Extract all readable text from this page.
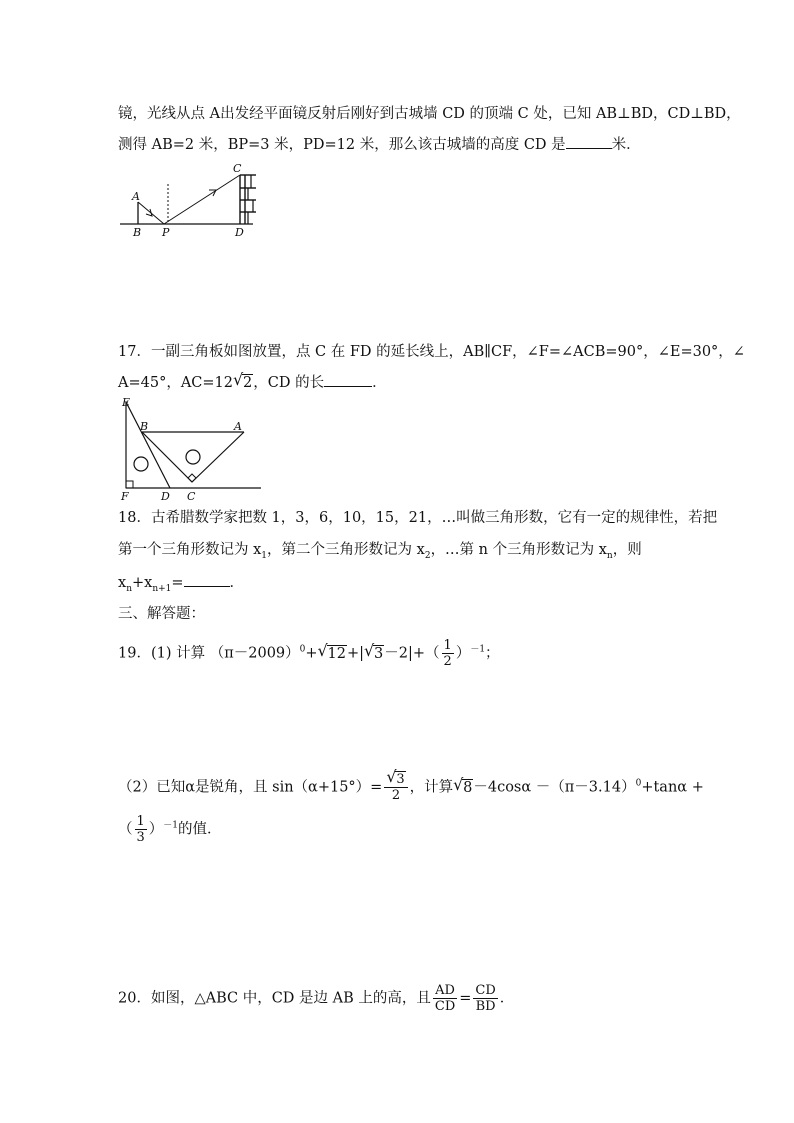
镜，光线从点 A出发经平面镜反射后刚好到古城墙 CD 的顶端 C 处，已知 AB⊥BD，CD⊥BD，
测得 AB=2 米，BP=3 米，PD=12 米，那么该古城墙的高度 CD 是	米．
A
B P
C
D
17．一副三角板如图放置，点 C 在 FD 的延长线上，AB∥CF，∠F=∠ACB=90°，∠E=30°，∠
A=45°，AC=12 √ 2，CD 的长	．
E
B	A
F	D C
18．古希腊数学家把数 1，3，6，10，15，21，…叫做三角形数，它有一定的规律性，若把
第一个三角形数记为 $x_1$，第二个三角形数记为 $x_2$，…第 n 个三角形数记为 $x_n$，则
$x_n+x_{n+1}=$	．
三、解答题：
19．(1) 计算 $(\pi-2009)^0+$ √ 12+| √ $3-2|+( \frac{1}{2} )^{-1}$；
（2）已知α是锐角，且 $\sin(\alpha+15^\circ)= \frac{√ 3}{2}$ ，计算 √ $8-4\cos\alpha -(\pi-3.14)^0+\tan\alpha$ +
（ $\frac{1}{3} )^{-1}$的值．
20．如图，△ABC 中，CD 是边 AB 上的高，且 $\frac{AD}{CD} = \frac{CD}{BD}$ ．
